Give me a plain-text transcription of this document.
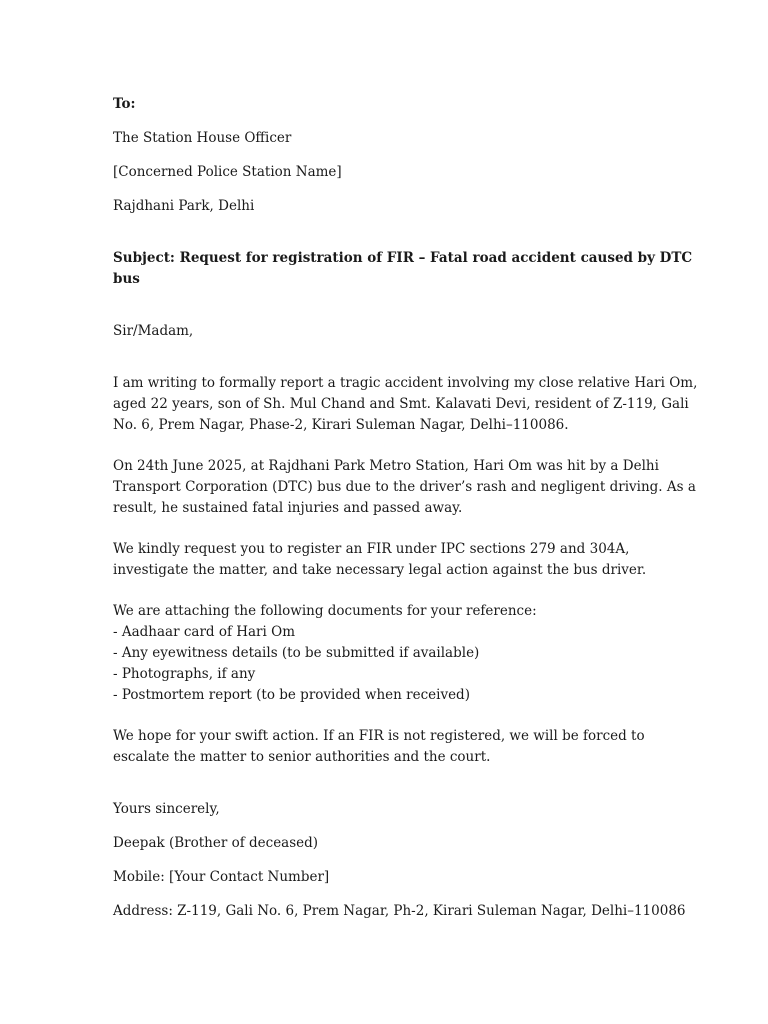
To:

The Station House Officer

[Concerned Police Station Name]

Rajdhani Park, Delhi

Subject: Request for registration of FIR – Fatal road accident caused by DTC

bus

Sir/Madam,

I am writing to formally report a tragic accident involving my close relative Hari Om,

aged 22 years, son of Sh. Mul Chand and Smt. Kalavati Devi, resident of Z-119, Gali

No. 6, Prem Nagar, Phase-2, Kirari Suleman Nagar, Delhi–110086.

On 24th June 2025, at Rajdhani Park Metro Station, Hari Om was hit by a Delhi

Transport Corporation (DTC) bus due to the driver’s rash and negligent driving. As a

result, he sustained fatal injuries and passed away.

We kindly request you to register an FIR under IPC sections 279 and 304A,

investigate the matter, and take necessary legal action against the bus driver.

We are attaching the following documents for your reference:

- Aadhaar card of Hari Om
- Any eyewitness details (to be submitted if available)
- Photographs, if any
- Postmortem report (to be provided when received)

We hope for your swift action. If an FIR is not registered, we will be forced to

escalate the matter to senior authorities and the court.

Yours sincerely,

Deepak (Brother of deceased)

Mobile: [Your Contact Number]

Address: Z-119, Gali No. 6, Prem Nagar, Ph-2, Kirari Suleman Nagar, Delhi–110086
